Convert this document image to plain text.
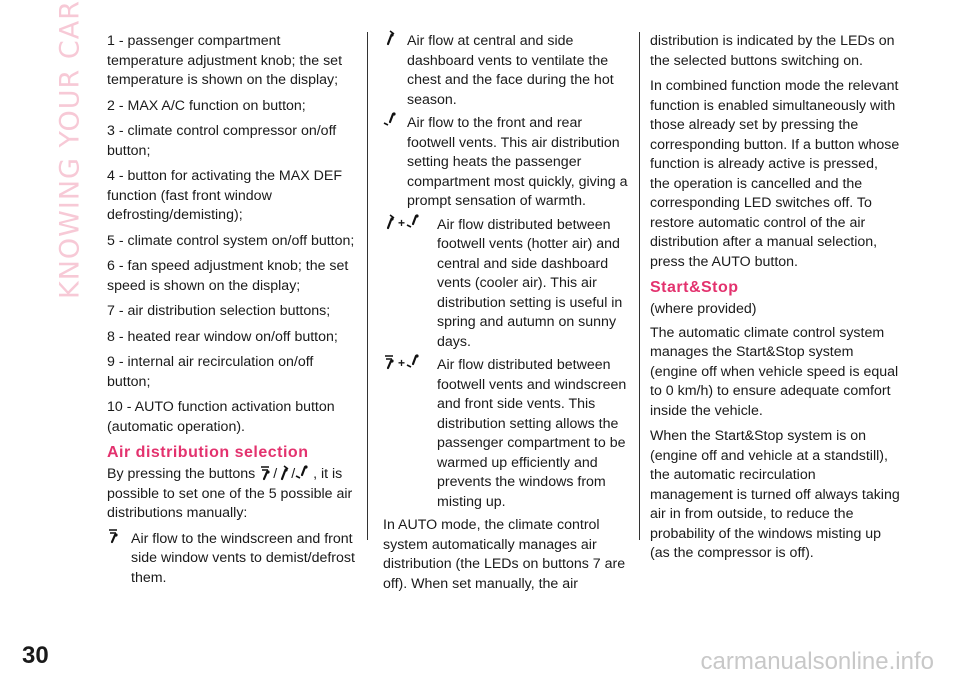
KNOWING YOUR CAR	1 - passenger compartment temperature adjustment knob; the set temperature is shown on the display;

2 - MAX A/C function on button;

3 - climate control compressor on/off button;

4 - button for activating the MAX DEF function (fast front window defrosting/demisting);

5 - climate control system on/off button;

6 - fan speed adjustment knob; the set speed is shown on the display;

7 - air distribution selection buttons;

8 - heated rear window on/off button;

9 - internal air recirculation on/off button;

10 - AUTO function activation button (automatic operation).

Air distribution selection

By pressing the buttons / / , it is possible to set one of the 5 possible air distributions manually:

Air flow to the windscreen and front side window vents to demist/defrost them.
Air flow at central and side dashboard vents to ventilate the chest and the face during the hot season.
Air flow to the front and rear footwell vents. This air distribution setting heats the passenger compartment most quickly, giving a prompt sensation of warmth.
+	Air flow distributed between footwell vents (hotter air) and central and side dashboard vents (cooler air). This air distribution setting is useful in spring and autumn on sunny days.
+	Air flow distributed between footwell vents and windscreen and front side vents. This distribution setting allows the passenger compartment to be warmed up efficiently and prevents the windows from misting up.

In AUTO mode, the climate control system automatically manages air distribution (the LEDs on buttons 7 are off). When set manually, the air

distribution is indicated by the LEDs on the selected buttons switching on.

In combined function mode the relevant function is enabled simultaneously with those already set by pressing the corresponding button. If a button whose function is already active is pressed, the operation is cancelled and the corresponding LED switches off. To restore automatic control of the air distribution after a manual selection, press the AUTO button.

Start&Stop

(where provided)

The automatic climate control system manages the Start&Stop system (engine off when vehicle speed is equal to 0 km/h) to ensure adequate comfort inside the vehicle.

When the Start&Stop system is on (engine off and vehicle at a standstill), the automatic recirculation management is turned off always taking air in from outside, to reduce the probability of the windows misting up (as the compressor is off).

30	carmanualsonline.info
